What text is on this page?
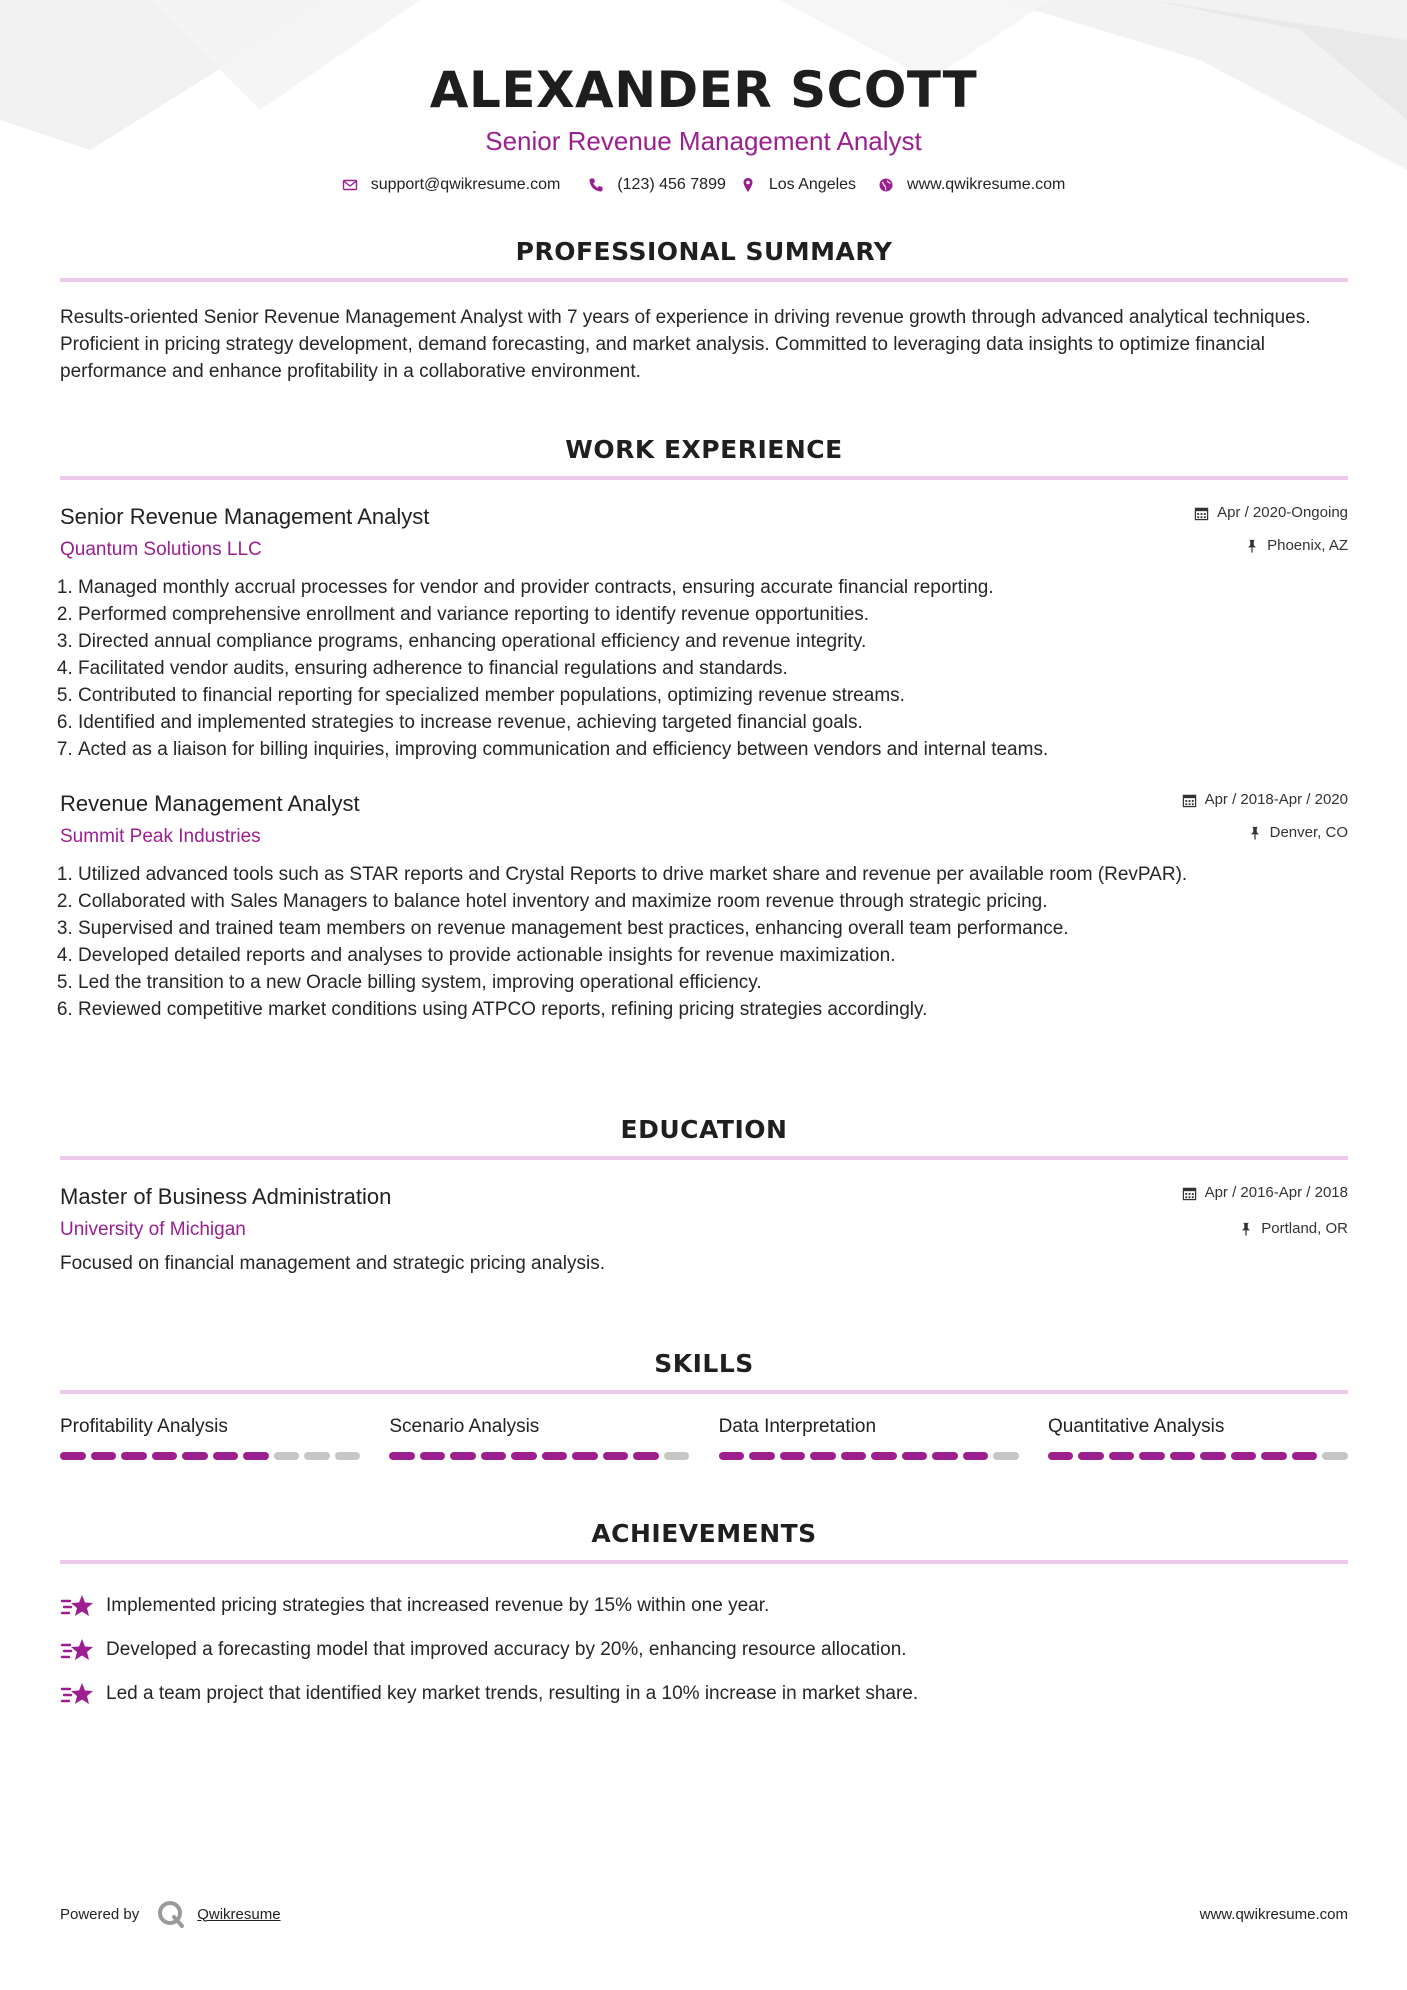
ALEXANDER SCOTT
Senior Revenue Management Analyst
support@qwikresume.com	(123) 456 7899	Los Angeles	www.qwikresume.com
PROFESSIONAL SUMMARY
Results-oriented Senior Revenue Management Analyst with 7 years of experience in driving revenue growth through advanced analytical techniques. Proficient in pricing strategy development, demand forecasting, and market analysis. Committed to leveraging data insights to optimize financial performance and enhance profitability in a collaborative environment.
WORK EXPERIENCE
Senior Revenue Management Analyst
Quantum Solutions LLC
Apr / 2020-Ongoing
Phoenix, AZ
1. Managed monthly accrual processes for vendor and provider contracts, ensuring accurate financial reporting.
2. Performed comprehensive enrollment and variance reporting to identify revenue opportunities.
3. Directed annual compliance programs, enhancing operational efficiency and revenue integrity.
4. Facilitated vendor audits, ensuring adherence to financial regulations and standards.
5. Contributed to financial reporting for specialized member populations, optimizing revenue streams.
6. Identified and implemented strategies to increase revenue, achieving targeted financial goals.
7. Acted as a liaison for billing inquiries, improving communication and efficiency between vendors and internal teams.
Revenue Management Analyst
Summit Peak Industries
Apr / 2018-Apr / 2020
Denver, CO
1. Utilized advanced tools such as STAR reports and Crystal Reports to drive market share and revenue per available room (RevPAR).
2. Collaborated with Sales Managers to balance hotel inventory and maximize room revenue through strategic pricing.
3. Supervised and trained team members on revenue management best practices, enhancing overall team performance.
4. Developed detailed reports and analyses to provide actionable insights for revenue maximization.
5. Led the transition to a new Oracle billing system, improving operational efficiency.
6. Reviewed competitive market conditions using ATPCO reports, refining pricing strategies accordingly.
EDUCATION
Master of Business Administration
University of Michigan
Apr / 2016-Apr / 2018
Portland, OR
Focused on financial management and strategic pricing analysis.
SKILLS
Profitability Analysis	Scenario Analysis	Data Interpretation	Quantitative Analysis
ACHIEVEMENTS
Implemented pricing strategies that increased revenue by 15% within one year.
Developed a forecasting model that improved accuracy by 20%, enhancing resource allocation.
Led a team project that identified key market trends, resulting in a 10% increase in market share.
Powered by	Qwikresume	www.qwikresume.com
